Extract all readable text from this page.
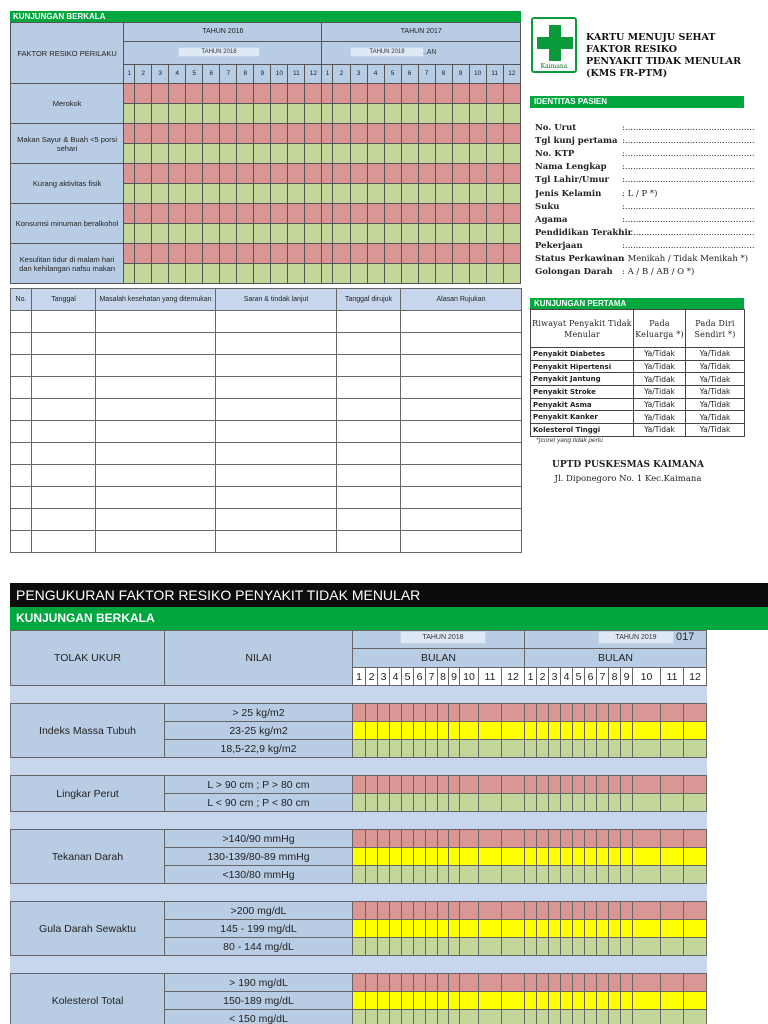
KUNJUNGAN BERKALA
FAKTOR RESIKO PERILAKU	TAHUN 2016												TAHUN 2017											

	1	2	3	4	5	6	7	8	9	10	11	12	1	2	3	4	5	6	7	8	9	10	11	12
Merokok																								

Makan Sayur & Buah <5 porsi sehari																								

Kurang aktivitas fisik																								

Konsumsi minuman beralkohol																								

Kesulitan tidur di malam hari dan kehilangan nafsu makan																								

TAHUN 2018	TAHUN 2019	..AN
No.	Tanggal	Masalah kesehatan yang ditemukan	Saran & tindak lanjut	Tanggal dirujuk	Alasan Rujukan

Kaimana
KARTU MENUJU SEHAT
FAKTOR RESIKO
PENYAKIT TIDAK MENULAR
(KMS FR-PTM)
IDENTITAS PASIEN
No. Urut	:................................................
Tgl kunj pertama :................................................
No. KTP	:................................................
Nama Lengkap :................................................
Tgl Lahir/Umur :................................................
Jenis Kelamin : L / P *)
Suku	:................................................
Agama	:................................................
Pendidikan Terakhir
:................................................
Pekerjaan	:................................................
Status Perkawinan
: Menikah / Tidak Menikah *)
Golongan Darah : A / B / AB / O *)
KUNJUNGAN PERTAMA
Riwayat Penyakit Tidak Menular	Pada Keluarga *)	Pada Diri Sendiri *)
Penyakit Diabetes	Ya/Tidak	Ya/Tidak
Penyakit Hipertensi	Ya/Tidak	Ya/Tidak
Penyakit Jantung	Ya/Tidak	Ya/Tidak
Penyakit Stroke	Ya/Tidak	Ya/Tidak
Penyakit Asma	Ya/Tidak	Ya/Tidak
Penyakit Kanker	Ya/Tidak	Ya/Tidak
Kolesterol Tinggi	Ya/Tidak	Ya/Tidak
*)coret yang tidak perlu
UPTD PUSKESMAS KAIMANA
Jl. Diponegoro No. 1 Kec.Kaimana
PENGUKURAN FAKTOR RESIKO PENYAKIT TIDAK MENULAR
KUNJUNGAN BERKALA
TOLAK UKUR	NILAI																								
		BULAN												BULAN											
		1	2	3	4	5	6	7	8	9	10	11	12	1	2	3	4	5	6	7	8	9	10	11	12

Indeks Massa Tubuh	> 25 kg/m2																								
	23-25 kg/m2																								
	18,5-22,9 kg/m2																								

Lingkar Perut	L > 90 cm ; P > 80 cm																								
	L < 90 cm ; P < 80 cm																								

Tekanan Darah	>140/90 mmHg																								
	130-139/80-89 mmHg																								
	<130/80 mmHg																								

Gula Darah Sewaktu	>200 mg/dL																								
	145 - 199 mg/dL																								
	80 - 144 mg/dL																								

Kolesterol Total	> 190 mg/dL																								
	150-189 mg/dL																								
	< 150 mg/dL																								
TAHUN 2018	TAHUN 2019	017
